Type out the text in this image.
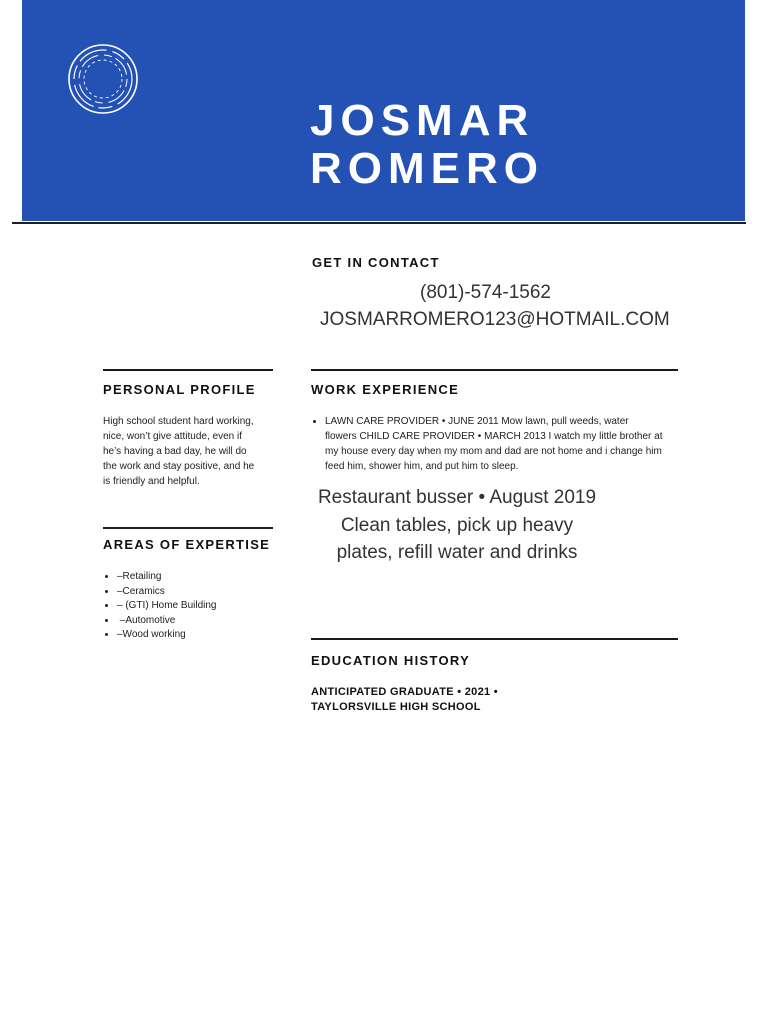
JOSMAR
ROMERO
GET IN CONTACT
(801)-574-1562
JOSMARROMERO123@HOTMAIL.COM
PERSONAL PROFILE
High school student hard working,
nice, won’t give attitude, even if
he’s having a bad day, he will do
the work and stay positive, and he
is friendly and helpful.
AREAS OF EXPERTISE
• –Retailing
• –Ceramics
• – (GTI) Home Building
•  –Automotive
• –Wood working
WORK EXPERIENCE
• LAWN CARE PROVIDER • JUNE 2011 Mow lawn, pull weeds, water
flowers CHILD CARE PROVIDER • MARCH 2013 I watch my little brother at
my house every day when my mom and dad are not home and i change him
feed him, shower him, and put him to sleep.
Restaurant busser • August 2019
Clean tables, pick up heavy
plates, refill water and drinks
EDUCATION HISTORY
ANTICIPATED GRADUATE • 2021 •
TAYLORSVILLE HIGH SCHOOL
